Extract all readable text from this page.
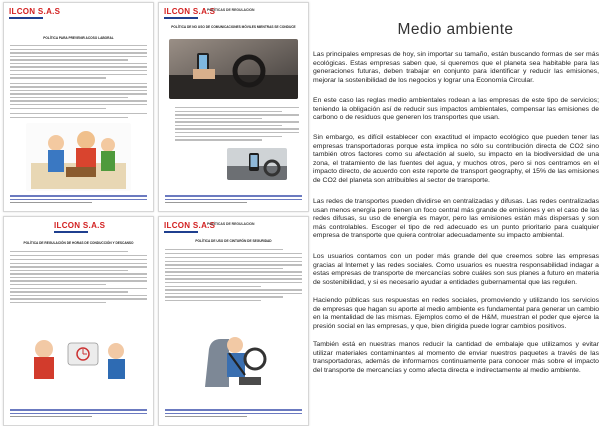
ILCON S.A.S
POLÍTICA PARA PREVENIR ACOSO LABORAL
ILCON S.A.S
POLÍTICAS DE REGULACION
POLÍTICA DE NO USO DE COMUNICACIONES MÓVILES MIENTRAS SE CONDUCE
ILCON S.A.S
POLÍTICA DE REGULACIÓN DE HORAS DE CONDUCCIÓN Y DESCANSO
ILCON S.A.S
POLÍTICAS DE REGULACION
POLÍTICA DE USO DE CINTURÓN DE SEGURIDAD
Medio ambiente

Las principales empresas de hoy, sin importar su tamaño, están buscando formas de ser más ecológicas. Estas empresas saben que, si queremos que el planeta sea habitable para las generaciones futuras, deben trabajar en conjunto para identificar y reducir las emisiones, mejorar la sostenibilidad de los negocios y lograr una Economía Circular.

En este caso las reglas medio ambientales rodean a las empresas de este tipo de servicios; teniendo la obligación así de reducir sus impactos ambientales, compensar las emisiones de carbono o de residuos que generen los transportes que usan.

Sin embargo, es difícil establecer con exactitud el impacto ecológico que pueden tener las empresas transportadoras porque esta implica no sólo su contribución directa de CO2 sino también otros factores como su afectación al suelo, su impacto en la biodiversidad de una zona, el tratamiento de las fuentes del agua, y muchos otros, pero si nos centramos en el impacto directo, de acuerdo con este reporte de transport geography, el 15% de las emisiones de CO2 del planeta son atribuibles al sector de transporte.

Las redes de transportes pueden dividirse en centralizadas y difusas. Las redes centralizadas usan menos energía pero tienen un foco central más grande de emisiones y en el caso de las redes difusas, su uso de energía es mayor, pero las emisiones están más dispersas y son más controlables. Escoger el tipo de red adecuado es un punto prioritario para cualquier empresa de transporte que quiera controlar adecuadamente su impacto ambiental.

Los usuarios contamos con un poder más grande del que creemos sobre las empresas gracias al Internet y las redes sociales. Como usuarios es nuestra responsabilidad indagar a estas empresas de transporte de mercancías sobre cuáles son sus planes a futuro en materia de sostenibilidad, y si es necesario ayudar a entidades gubernamental que las regulen.

Haciendo públicas sus respuestas en redes sociales, promoviendo y utilizando los servicios de empresas que hagan su aporte al medio ambiente es fundamental para generar un cambio en la mentalidad de las mismas. Ejemplos como el de H&M, muestran el poder que ejerce la presión social en las empresas, y que, bien dirigida puede lograr cambios positivos.

También está en nuestras manos reducir la cantidad de embalaje que utilizamos y evitar utilizar materiales contaminantes al momento de enviar nuestros paquetes a través de las transportadoras, además de informarnos continuamente para conocer más sobre el impacto del transporte de mercancías y como afecta directa e indirectamente al medio ambiente.
